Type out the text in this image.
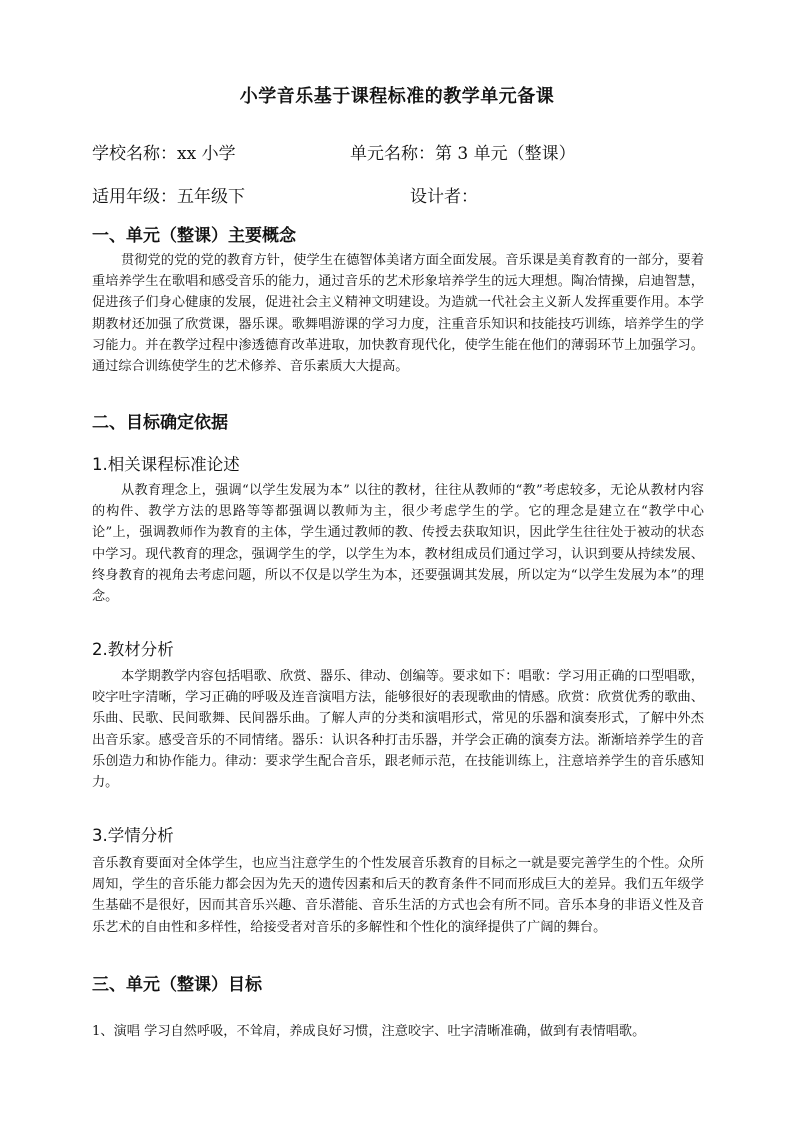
小学音乐基于课程标准的教学单元备课
学校名称：xx 小学	单元名称：第 3 单元（整课）
适用年级：五年级下	设计者：
一、单元（整课）主要概念
贯彻党的党的党的教育方针，使学生在德智体美诸方面全面发展。音乐课是美育教育的一部分，要着重培养学生在歌唱和感受音乐的能力，通过音乐的艺术形象培养学生的远大理想。陶冶情操，启迪智慧，促进孩子们身心健康的发展，促进社会主义精神文明建设。为造就一代社会主义新人发挥重要作用。本学期教材还加强了欣赏课，器乐课。歌舞唱游课的学习力度，注重音乐知识和技能技巧训练，培养学生的学习能力。并在教学过程中渗透德育改革进取，加快教育现代化，使学生能在他们的薄弱环节上加强学习。通过综合训练使学生的艺术修养、音乐素质大大提高。
二、目标确定依据
1.相关课程标准论述
从教育理念上，强调“以学生发展为本” 以往的教材，往往从教师的“教”考虑较多，无论从教材内容的构件、教学方法的思路等等都强调以教师为主，很少考虑学生的学。它的理念是建立在“教学中心论”上，强调教师作为教育的主体，学生通过教师的教、传授去获取知识，因此学生往往处于被动的状态中学习。现代教育的理念，强调学生的学，以学生为本，教材组成员们通过学习，认识到要从持续发展、终身教育的视角去考虑问题，所以不仅是以学生为本，还要强调其发展，所以定为“以学生发展为本”的理念。
2.教材分析
本学期教学内容包括唱歌、欣赏、器乐、律动、创编等。要求如下：唱歌：学习用正确的口型唱歌，咬字吐字清晰，学习正确的呼吸及连音演唱方法，能够很好的表现歌曲的情感。欣赏：欣赏优秀的歌曲、乐曲、民歌、民间歌舞、民间器乐曲。了解人声的分类和演唱形式，常见的乐器和演奏形式，了解中外杰出音乐家。感受音乐的不同情绪。器乐：认识各种打击乐器，并学会正确的演奏方法。渐渐培养学生的音乐创造力和协作能力。律动：要求学生配合音乐，跟老师示范，在技能训练上，注意培养学生的音乐感知力。
3.学情分析
音乐教育要面对全体学生，也应当注意学生的个性发展音乐教育的目标之一就是要完善学生的个性。众所周知，学生的音乐能力都会因为先天的遗传因素和后天的教育条件不同而形成巨大的差异。我们五年级学生基础不是很好，因而其音乐兴趣、音乐潜能、音乐生活的方式也会有所不同。音乐本身的非语义性及音乐艺术的自由性和多样性，给接受者对音乐的多解性和个性化的演绎提供了广阔的舞台。
三、单元（整课）目标
1、演唱 学习自然呼吸，不耸肩，养成良好习惯，注意咬字、吐字清晰准确，做到有表情唱歌。
